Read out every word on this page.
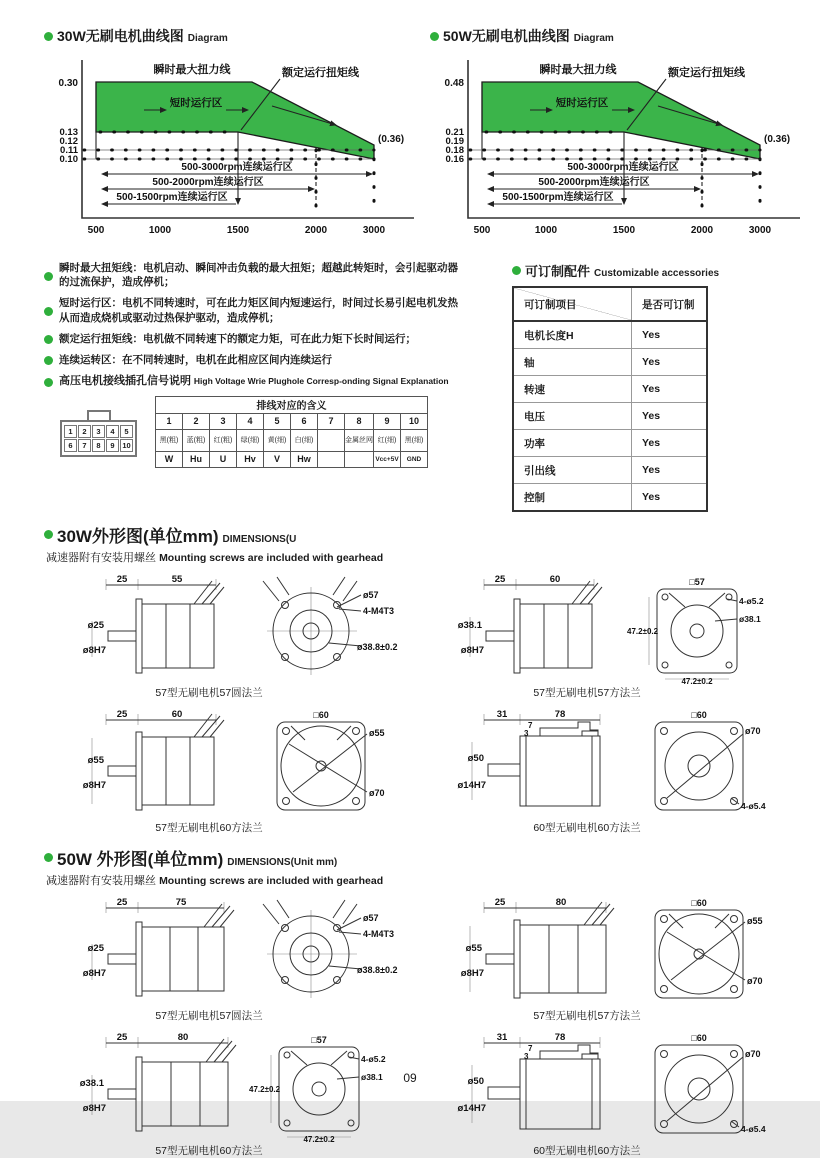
30W无刷电机曲线图 Diagram
瞬时最大扭力线	额定运行扭矩线
短时运行区
(0.36)
500-3000rpm连续运行区
500-2000rpm连续运行区
500-1500rpm连续运行区
0.30
0.13
0.12
0.11
0.10
500	1000	1500	2000	3000
50W无刷电机曲线图 Diagram
瞬时最大扭力线	额定运行扭矩线
短时运行区
(0.36)
500-3000rpm连续运行区
500-2000rpm连续运行区
500-1500rpm连续运行区
0.48
0.21
0.19
0.18
0.16
500	1000	1500	2000	3000
瞬时最大扭矩线：电机启动、瞬间冲击负载的最大扭矩；超越此转矩时，会引起驱动器的过流保护，造成停机；
短时运行区：电机不同转速时，可在此力矩区间内短速运行，时间过长易引起电机发热从而造成烧机或驱动过热保护驱动，造成停机；
额定运行扭矩线：电机做不同转速下的额定力矩，可在此力矩下长时间运行；
连续运转区：在不同转速时，电机在此相应区间内连续运行
高压电机接线插孔信号说明 High Voltage Wrie Plughole Corresp-onding Signal Explanation
1	2	3	4	5
6	7	8	9	10
排线对应的含义									
1	2	3	4	5	6	7	8	9	10
黑(粗)	蓝(粗)	红(粗)	绿(细)	黄(细)	白(细)		金属丝网	红(细)	黑(细)
W	Hu	U	Hv	V	Hw			Vcc+5V	GND
可订制配件 Customizable accessories
可订制项目	是否可订制
电机长度H	Yes
轴	Yes
转速	Yes
电压	Yes
功率	Yes
引出线	Yes
控制	Yes
30W外形图(单位mm) DIMENSIONS(U
减速器附有安装用螺丝 Mounting screws are included with gearhead
25	55
ø25
ø8H7
ø57
4-M4T3
ø38.8±0.2
57型无刷电机57圆法兰
25	60
ø38.1
ø8H7
□57
4-ø5.2
ø38.1
47.2±0.2
47.2±0.2
57型无刷电机57方法兰
25	60
ø55
ø8H7
□60
ø55
ø70
57型无刷电机60方法兰
31	78
7
3
ø50
ø14H7
□60
ø70
4-ø5.4
60型无刷电机60方法兰
50W 外形图(单位mm) DIMENSIONS(Unit mm)
减速器附有安装用螺丝 Mounting screws are included with gearhead
25	75
ø25
ø8H7
ø57
4-M4T3
ø38.8±0.2
57型无刷电机57圆法兰
25	80
ø55
ø8H7
□60
ø55
ø70
57型无刷电机57方法兰
25	80
ø38.1
ø8H7
□57
4-ø5.2
ø38.1
47.2±0.2
47.2±0.2
57型无刷电机60方法兰
31	78
7
3
ø50
ø14H7
□60
ø70
4-ø5.4
60型无刷电机60方法兰
09
